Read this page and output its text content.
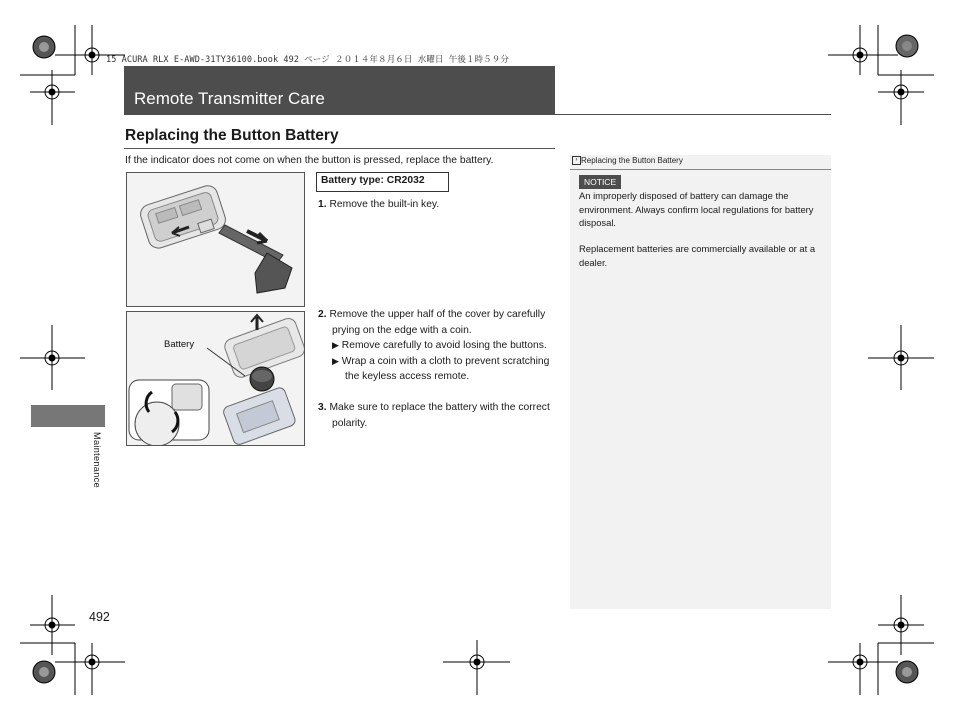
15 ACURA RLX E-AWD-31TY36100.book 492 ページ ２０１４年８月６日 水曜日 午後１時５９分
Remote Transmitter Care
Replacing the Button Battery
If the indicator does not come on when the button is pressed, replace the battery.
Battery
Battery type: CR2032
1. Remove the built-in key.
2. Remove the upper half of the cover by carefully prying on the edge with a coin.
▶ Remove carefully to avoid losing the buttons.
▶ Wrap a coin with a cloth to prevent scratching the keyless access remote.
3. Make sure to replace the battery with the correct polarity.
› Replacing the Button Battery
NOTICE
An improperly disposed of battery can damage the environment. Always confirm local regulations for battery disposal.
Replacement batteries are commercially available or at a dealer.
Maintenance
492
